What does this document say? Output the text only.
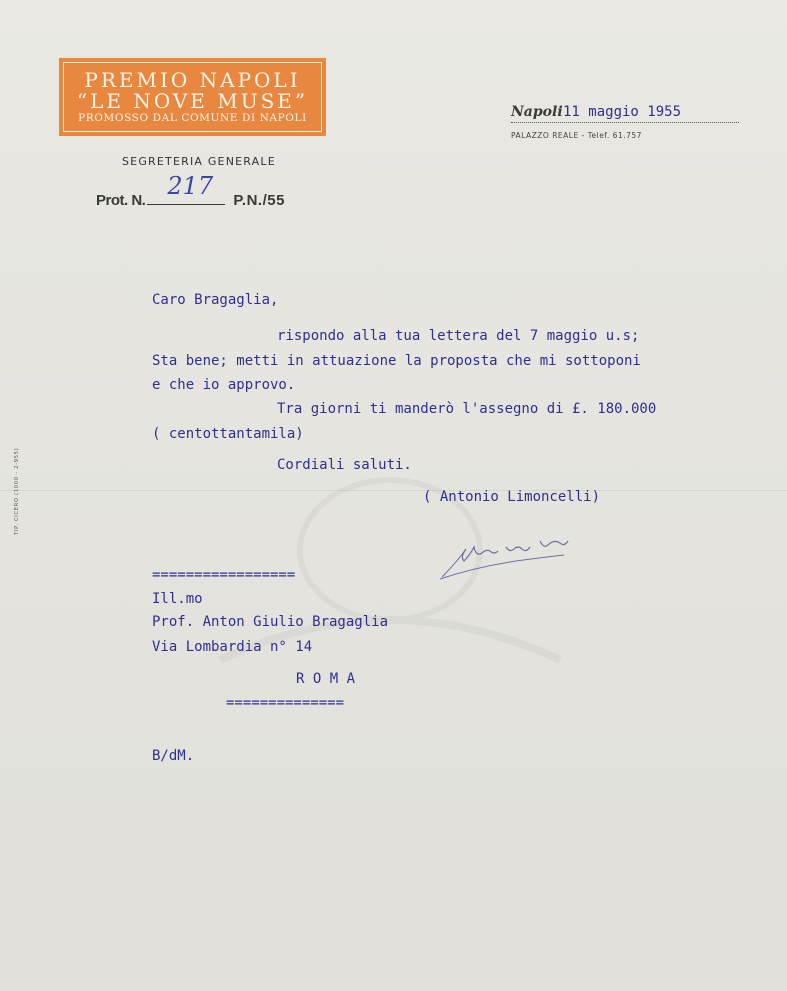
PREMIO NAPOLI
“LE NOVE MUSE”
PROMOSSO DAL COMUNE DI NAPOLI
SEGRETERIA GENERALE
Prot. N.
217
P.N./55
Napoli 11 maggio 1955
PALAZZO REALE - Telef. 61.757
Caro Bragaglia,
rispondo alla tua lettera del 7 maggio u.s;
Sta bene; metti in attuazione la proposta che mi sottoponi
e che io approvo.
Tra giorni ti manderò l'assegno di £. 180.000
( centottantamila)
Cordiali saluti.
( Antonio Limoncelli)
=================
Ill.mo
Prof. Anton Giulio Bragaglia
Via Lombardia n° 14
R O M A
==============
B/dM.
TIP. CICERO (1000 - 2-955)
